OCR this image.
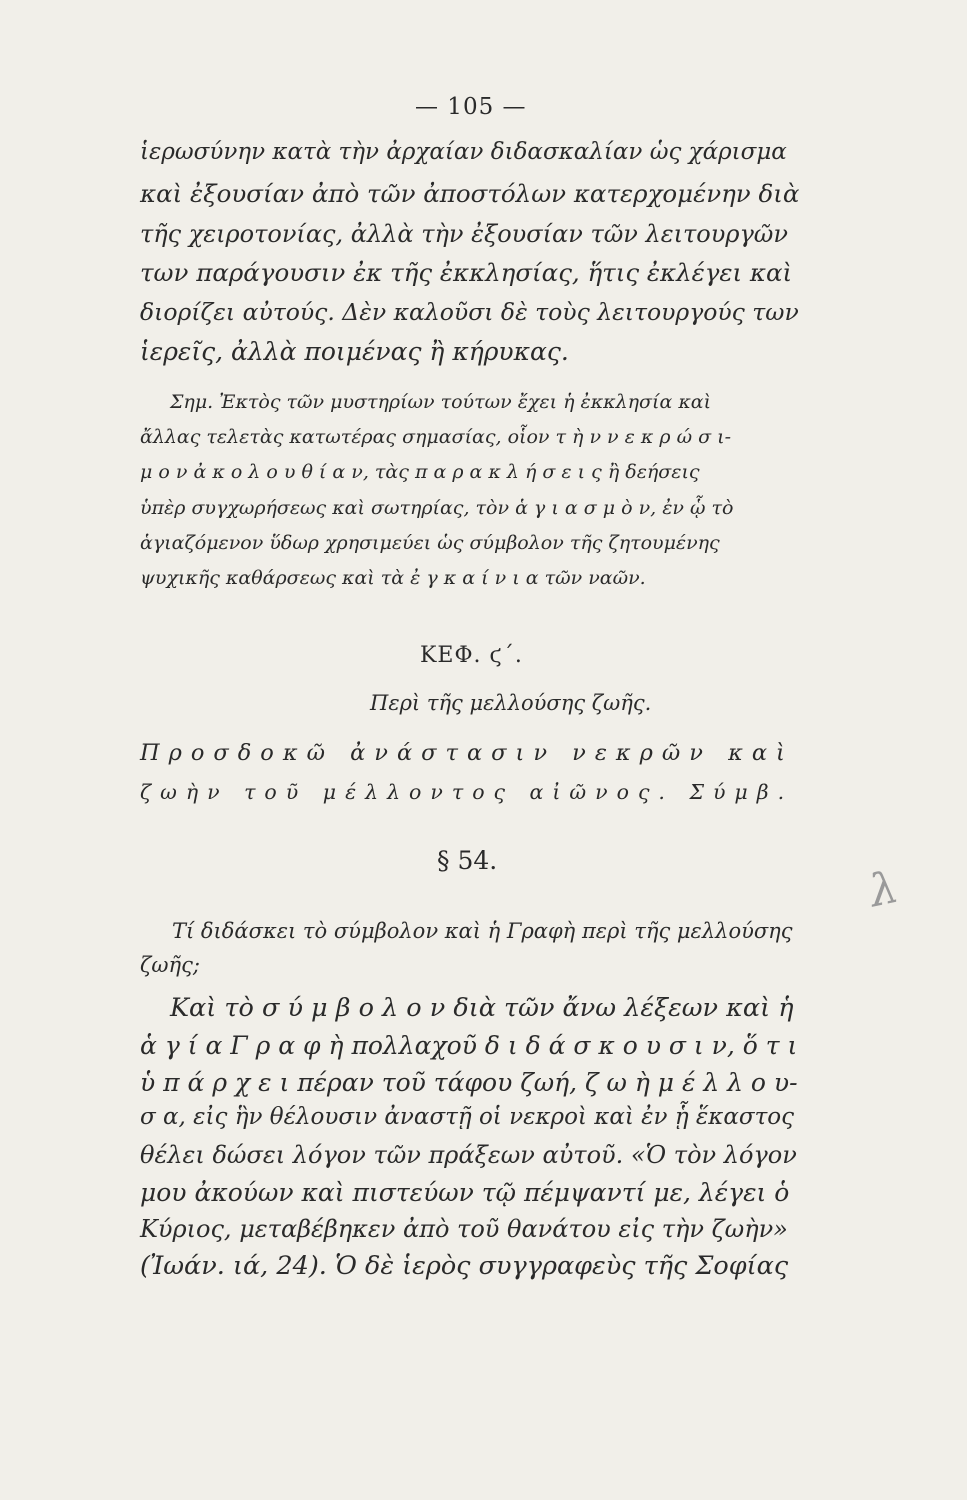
— 105 —
ἱερωσύνην κατὰ τὴν ἀρχαίαν διδασκαλίαν ὡς χάρισμα
καὶ ἐξουσίαν ἀπὸ τῶν ἀποστόλων κατερχομένην διὰ
τῆς χειροτονίας, ἀλλὰ τὴν ἐξουσίαν τῶν λειτουργῶν
των παράγουσιν ἐκ τῆς ἐκκλησίας, ἥτις ἐκλέγει καὶ
διορίζει αὐτούς. Δὲν καλοῦσι δὲ τοὺς λειτουργούς των
ἱερεῖς, ἀλλὰ ποιμένας ἢ κήρυκας.
Σημ. Ἐκτὸς τῶν μυστηρίων τούτων ἔχει ἡ ἐκκλησία καὶ
ἄλλας τελετὰς κατωτέρας σημασίας, οἷον τ ὴ ν ν ε κ ρ ώ σ ι-
μ ο ν ἀ κ ο λ ο υ θ ί α ν, τὰς π α ρ α κ λ ή σ ε ι ς ἢ δεήσεις
ὑπὲρ συγχωρήσεως καὶ σωτηρίας, τὸν ἁ γ ι α σ μ ὸ ν, ἐν ᾧ τὸ
ἁγιαζόμενον ὕδωρ χρησιμεύει ὡς σύμβολον τῆς ζητουμένης
ψυχικῆς καθάρσεως καὶ τὰ ἐ γ κ α ί ν ι α τῶν ναῶν.
ΚΕΦ. ϛ΄.
Περὶ τῆς μελλούσης ζωῆς.
Προσδοκῶ ἀνάστασιν νεκρῶν καὶ
ζωὴν τοῦ μέλλοντος αἰῶνος. Σύμβ.
§ 54.
λ
Τί διδάσκει τὸ σύμβολον καὶ ἡ Γραφὴ περὶ τῆς μελλούσης
ζωῆς;
Καὶ τὸ σ ύ μ β ο λ ο ν διὰ τῶν ἄνω λέξεων καὶ ἡ
ἁ γ ί α Γ ρ α φ ὴ πολλαχοῦ δ ι δ ά σ κ ο υ σ ι ν, ὅ τ ι
ὑ π ά ρ χ ε ι πέραν τοῦ τάφου ζωή, ζ ω ὴ μ έ λ λ ο υ-
σ α, εἰς ἣν θέλουσιν ἀναστῇ οἱ νεκροὶ καὶ ἐν ᾗ ἕκαστος
θέλει δώσει λόγον τῶν πράξεων αὐτοῦ. «Ὁ τὸν λόγον
μου ἀκούων καὶ πιστεύων τῷ πέμψαντί με, λέγει ὁ
Κύριος, μεταβέβηκεν ἀπὸ τοῦ θανάτου εἰς τὴν ζωὴν»
(Ἰωάν. ιά, 24). Ὁ δὲ ἱερὸς συγγραφεὺς τῆς Σοφίας
